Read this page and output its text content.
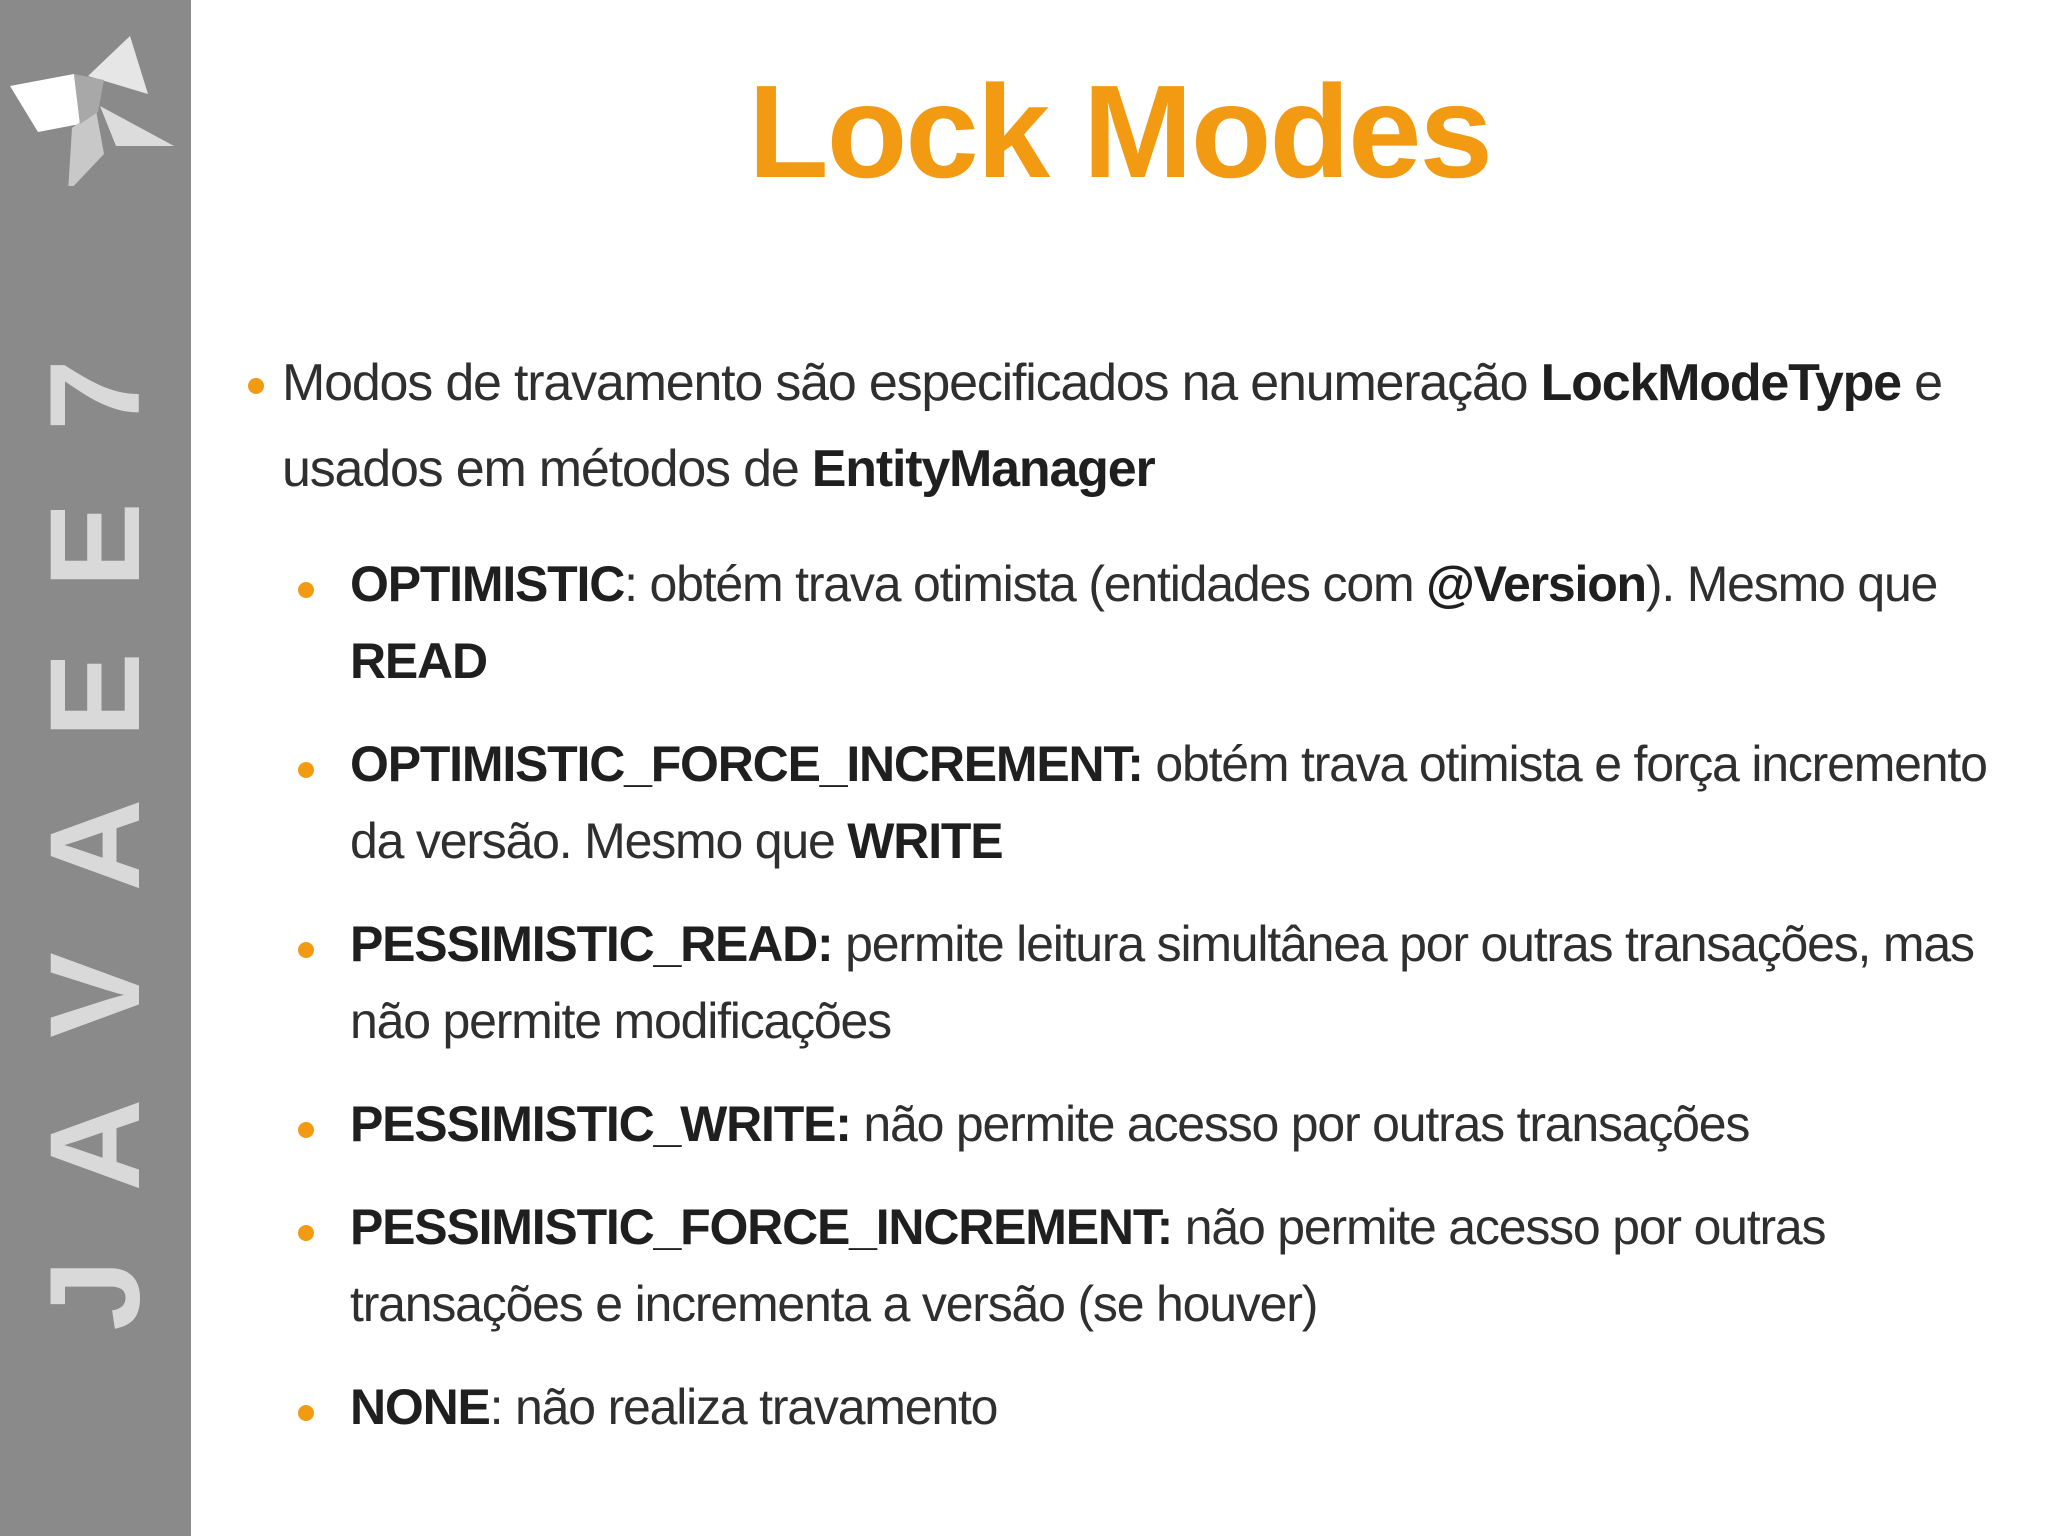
7
E
E
A
V
A
J
Lock Modes
Modos de travamento são especificados na enumeração LockModeType e usados em métodos de EntityManager
OPTIMISTIC: obtém trava otimista (entidades com @Version). Mesmo que READ
OPTIMISTIC_FORCE_INCREMENT: obtém trava otimista e força incremento da versão. Mesmo que WRITE
PESSIMISTIC_READ: permite leitura simultânea por outras transações, mas não permite modificações
PESSIMISTIC_WRITE: não permite acesso por outras transações
PESSIMISTIC_FORCE_INCREMENT: não permite acesso por outras transações e incrementa a versão (se houver)
NONE: não realiza travamento
